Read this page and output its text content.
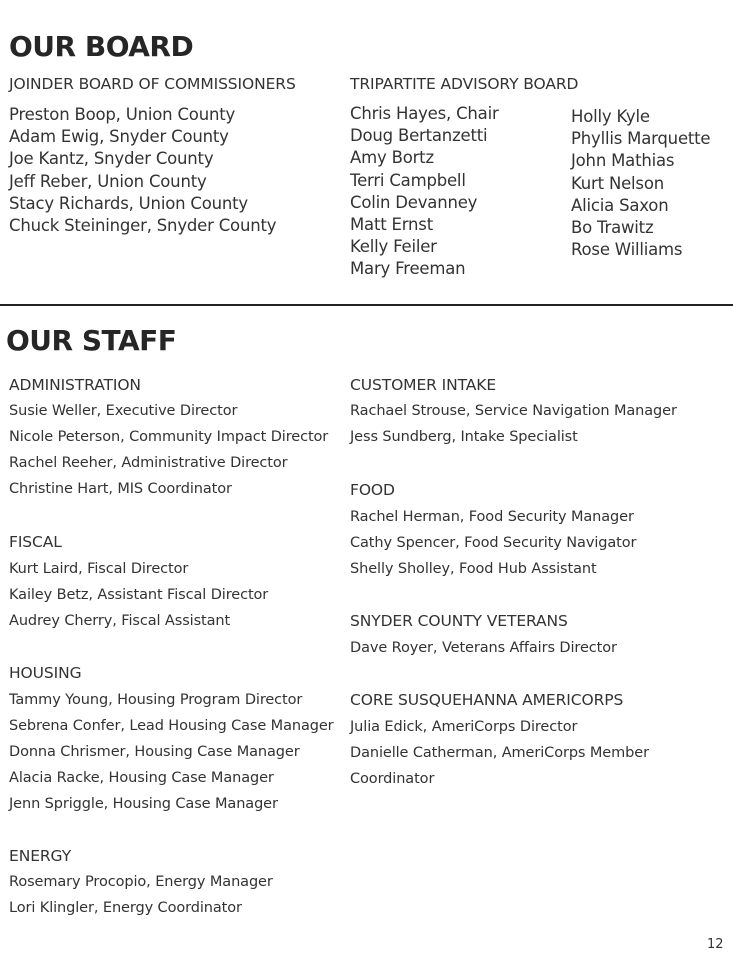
OUR BOARD
JOINDER BOARD OF COMMISSIONERS
Preston Boop, Union County
Adam Ewig, Snyder County
Joe Kantz, Snyder County
Jeff Reber, Union County
Stacy Richards, Union County
Chuck Steininger, Snyder County
TRIPARTITE ADVISORY BOARD
Chris Hayes, Chair
Doug Bertanzetti
Amy Bortz
Terri Campbell
Colin Devanney
Matt Ernst
Kelly Feiler
Mary Freeman
Holly Kyle
Phyllis Marquette
John Mathias
Kurt Nelson
Alicia Saxon
Bo Trawitz
Rose Williams
OUR STAFF
ADMINISTRATION
Susie Weller, Executive Director
Nicole Peterson, Community Impact Director
Rachel Reeher, Administrative Director
Christine Hart, MIS Coordinator
FISCAL
Kurt Laird, Fiscal Director
Kailey Betz, Assistant Fiscal Director
Audrey Cherry, Fiscal Assistant
HOUSING
Tammy Young, Housing Program Director
Sebrena Confer, Lead Housing Case Manager
Donna Chrismer, Housing Case Manager
Alacia Racke, Housing Case Manager
Jenn Spriggle, Housing Case Manager
ENERGY
Rosemary Procopio, Energy Manager
Lori Klingler, Energy Coordinator
CUSTOMER INTAKE
Rachael Strouse, Service Navigation Manager
Jess Sundberg, Intake Specialist
FOOD
Rachel Herman, Food Security Manager
Cathy Spencer, Food Security Navigator
Shelly Sholley, Food Hub Assistant
SNYDER COUNTY VETERANS
Dave Royer, Veterans Affairs Director
CORE SUSQUEHANNA AMERICORPS
Julia Edick, AmeriCorps Director
Danielle Catherman, AmeriCorps Member
Coordinator
12
